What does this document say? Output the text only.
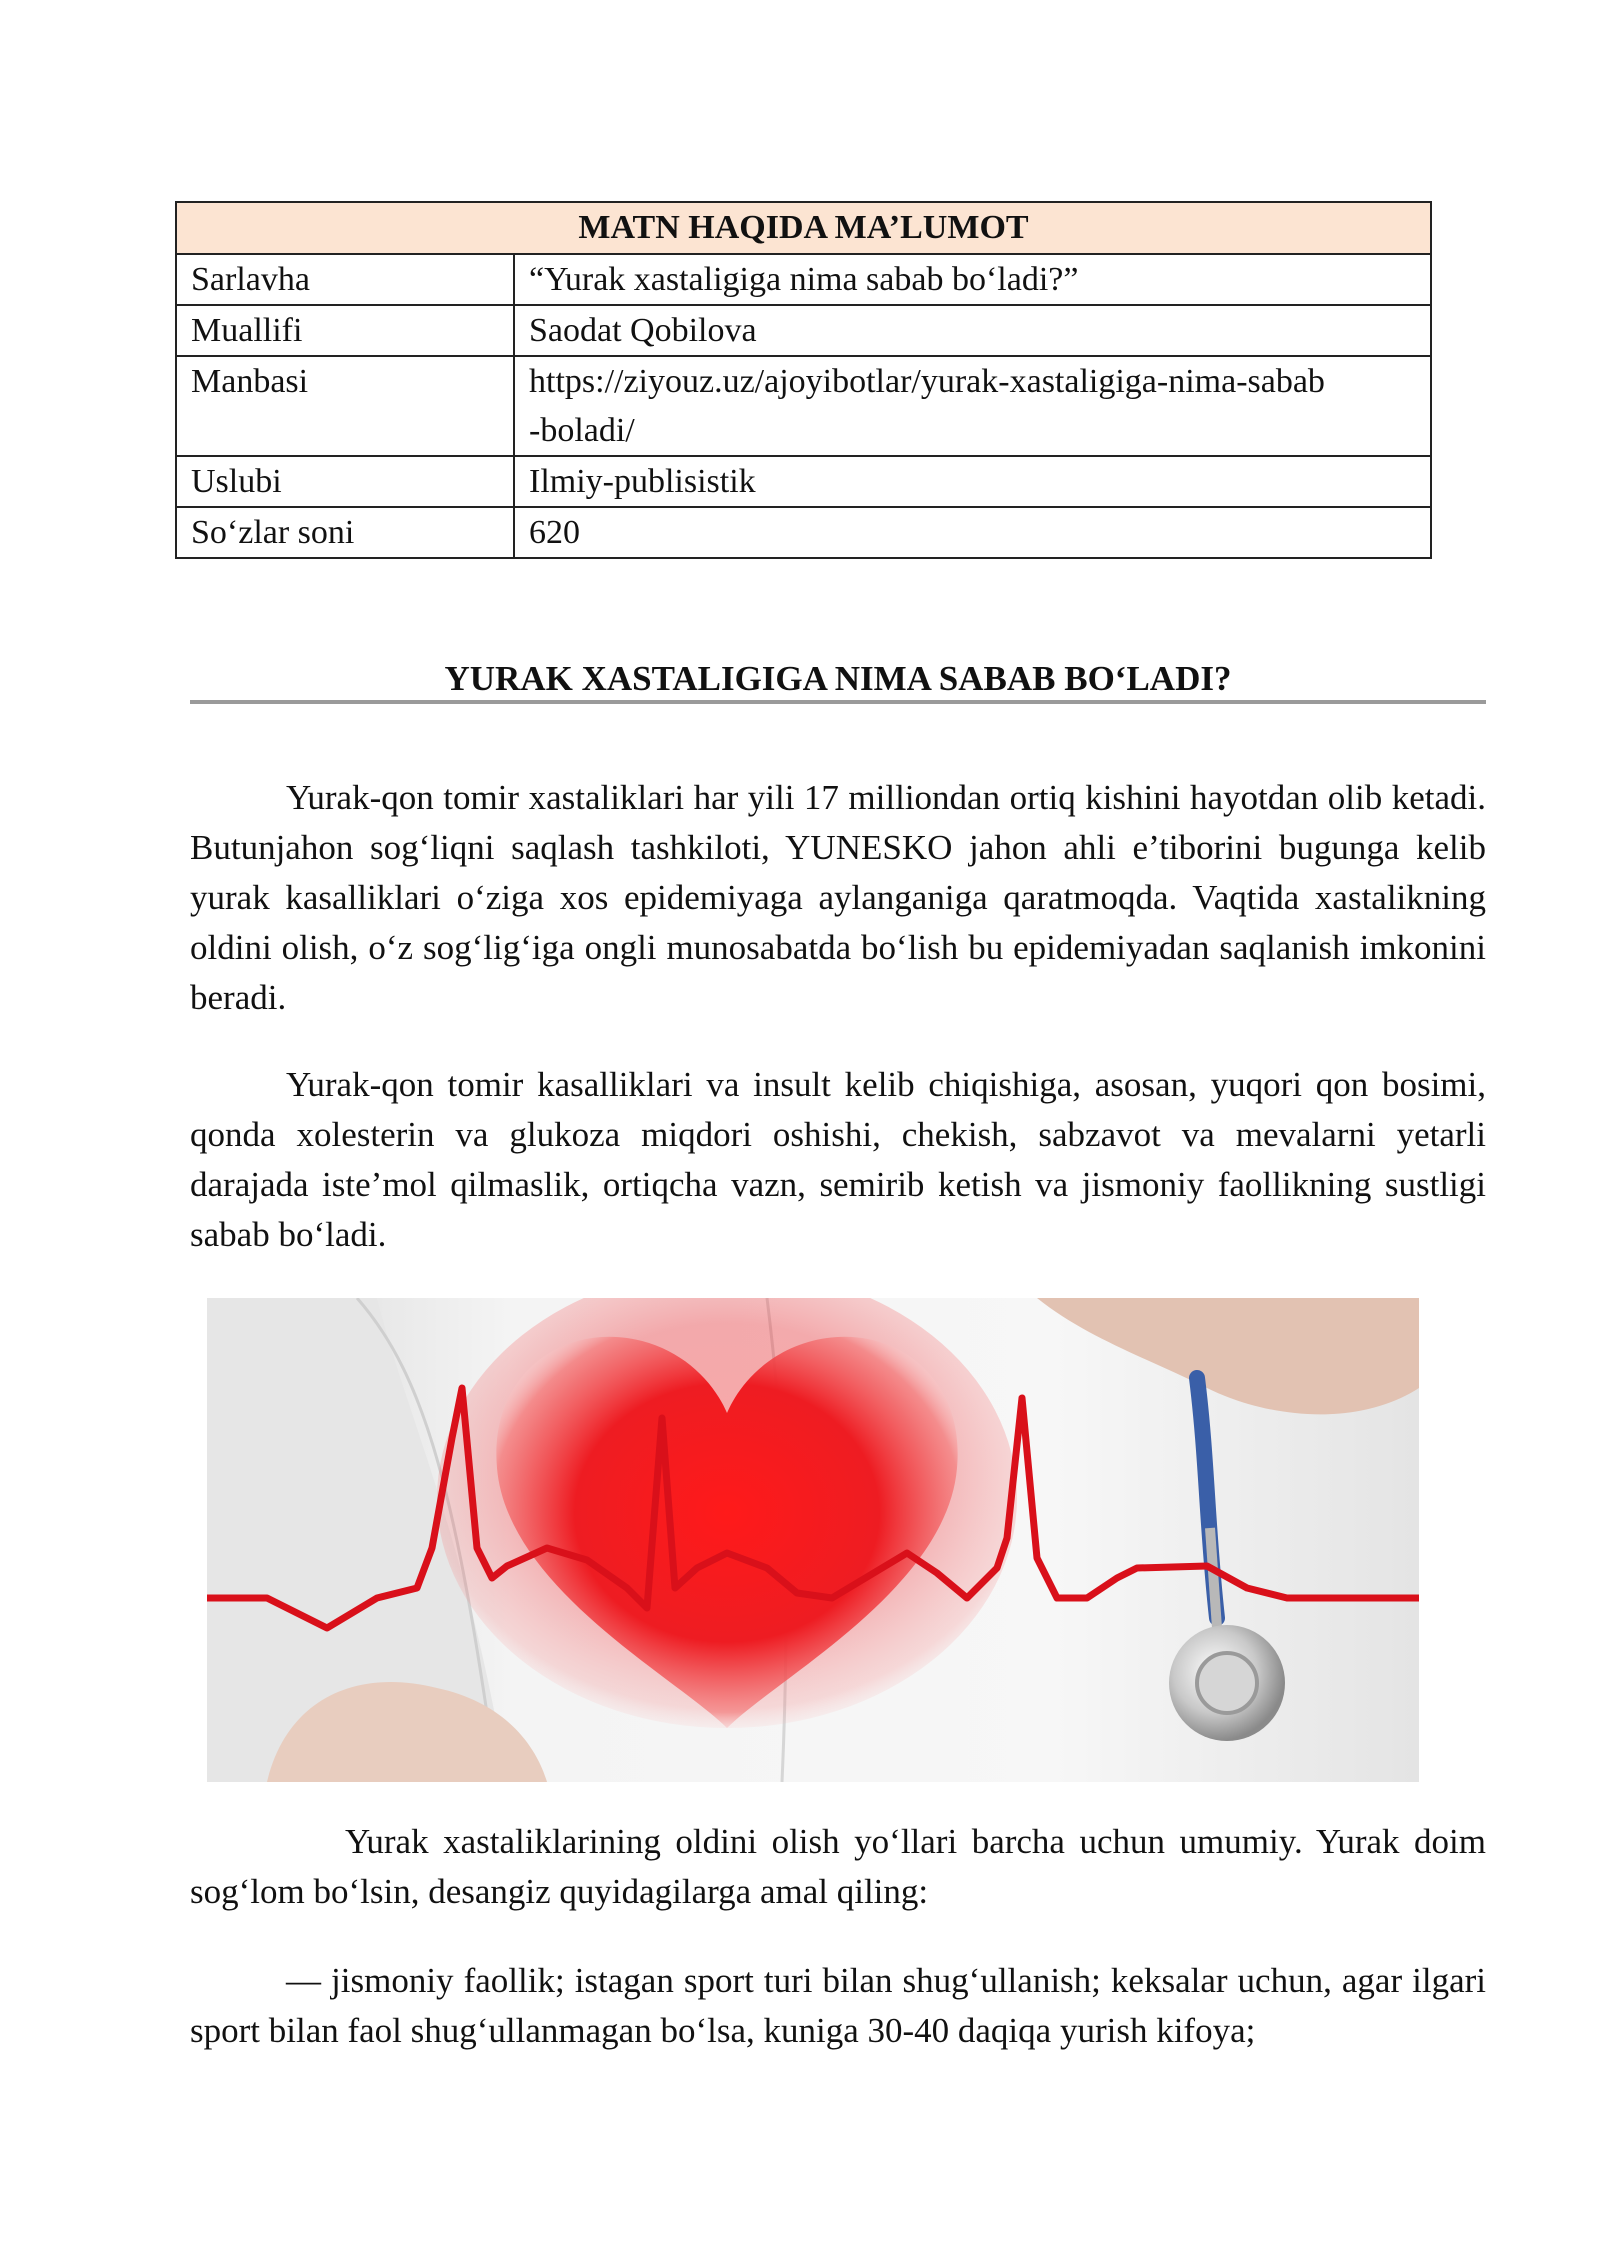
MATN HAQIDA MA’LUMOT	
Sarlavha	“Yurak xastaligiga nima sabab bo‘ladi?”
Muallifi	Saodat Qobilova
Manbasi	https://ziyouz.uz/ajoyibotlar/yurak-xastaligiga-nima-sabab-boladi/
Uslubi	Ilmiy-publisistik
So‘zlar soni	620
YURAK XASTALIGIGA NIMA SABAB BO‘LADI?

Yurak-qon tomir xastaliklari har yili 17 milliondan ortiq kishini hayotdan olib ketadi. Butunjahon sog‘liqni saqlash tashkiloti, YUNESKO jahon ahli e’tiborini bugunga kelib yurak kasalliklari o‘ziga xos epidemiyaga aylanganiga qaratmoqda. Vaqtida xastalikning oldini olish, o‘z sog‘lig‘iga ongli munosabatda bo‘lish bu epidemiyadan saqlanish imkonini beradi.

Yurak-qon tomir kasalliklari va insult kelib chiqishiga, asosan, yuqori qon bosimi, qonda xolesterin va glukoza miqdori oshishi, chekish, sabzavot va mevalarni yetarli darajada iste’mol qilmaslik, ortiqcha vazn, semirib ketish va jismoniy faollikning sustligi sabab bo‘ladi.

Yurak xastaliklarining oldini olish yo‘llari barcha uchun umumiy. Yurak doim sog‘lom bo‘lsin, desangiz quyidagilarga amal qiling:

— jismoniy faollik; istagan sport turi bilan shug‘ullanish; keksalar uchun, agar ilgari sport bilan faol shug‘ullanmagan bo‘lsa, kuniga 30-40 daqiqa yurish kifoya;
